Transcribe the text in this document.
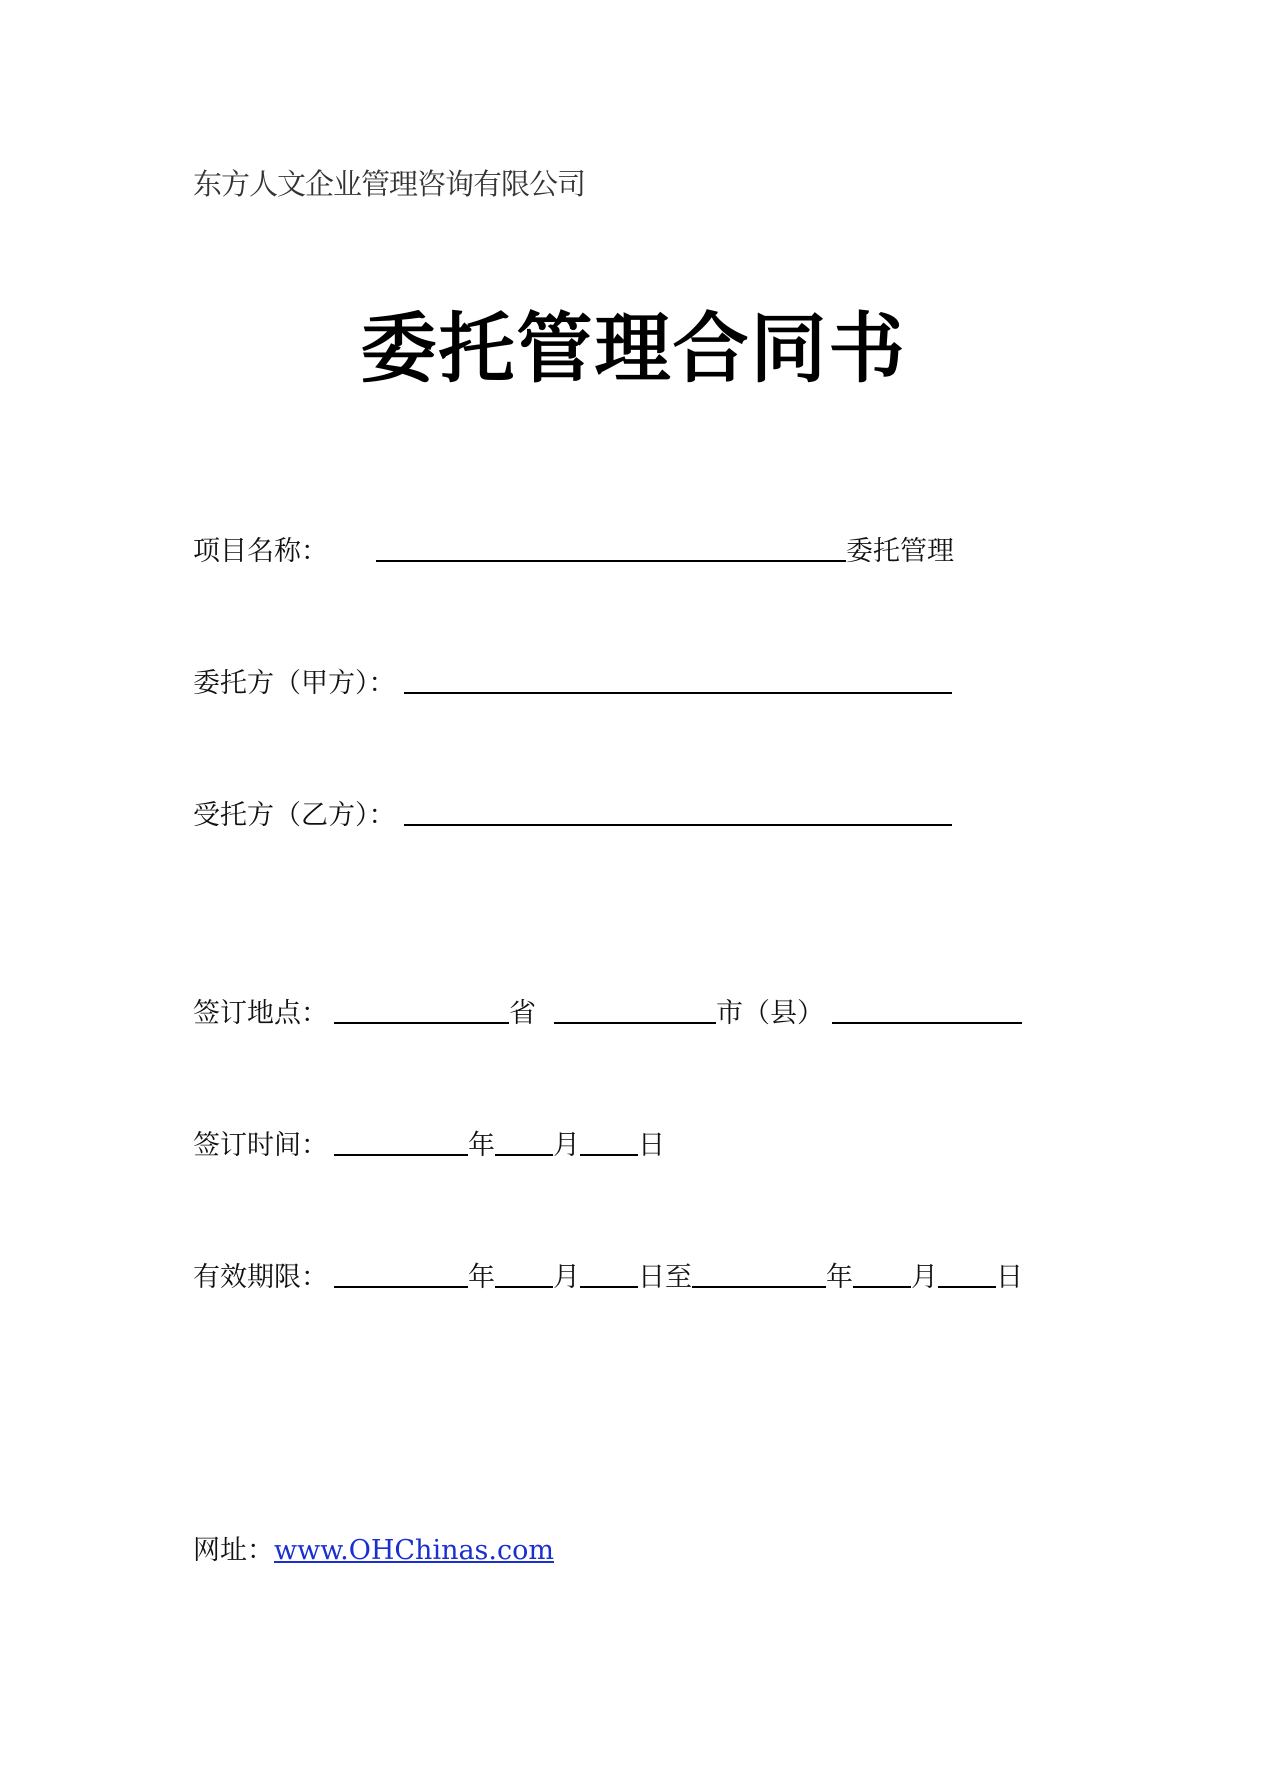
东方人文企业管理咨询有限公司
委托管理合同书
项目名称：	委托管理
委托方（甲方）：
受托方（乙方）：
签订地点：	省	市（县）
签订时间：	年 月 日
有效期限：	年 月 日至	年 月 日
网址：www.OHChinas.com
